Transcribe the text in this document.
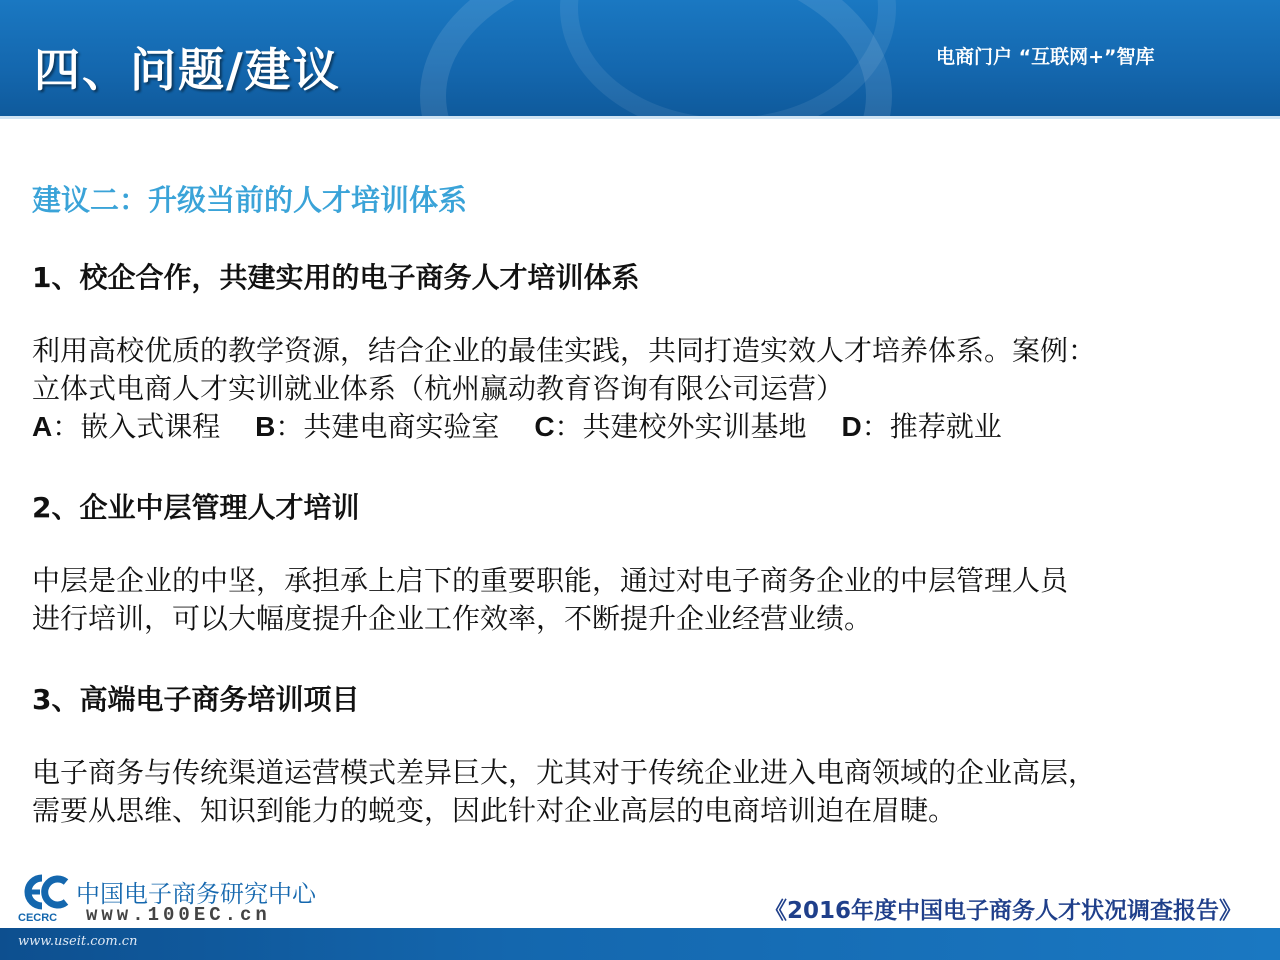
四、问题/建议	电商门户 “互联网+”智库
建议二：升级当前的人才培训体系
1、校企合作，共建实用的电子商务人才培训体系
利用高校优质的教学资源，结合企业的最佳实践，共同打造实效人才培养体系。案例：
立体式电商人才实训就业体系（杭州赢动教育咨询有限公司运营）
A：嵌入式课程 B：共建电商实验室 C：共建校外实训基地 D：推荐就业
2、企业中层管理人才培训
中层是企业的中坚，承担承上启下的重要职能，通过对电子商务企业的中层管理人员
进行培训，可以大幅度提升企业工作效率，不断提升企业经营业绩。
3、高端电子商务培训项目
电子商务与传统渠道运营模式差异巨大，尤其对于传统企业进入电商领域的企业高层，
需要从思维、知识到能力的蜕变，因此针对企业高层的电商培训迫在眉睫。
CECRC
中国电子商务研究中心
www.100EC.cn	《2016年度中国电子商务人才状况调查报告》
www.useit.com.cn
